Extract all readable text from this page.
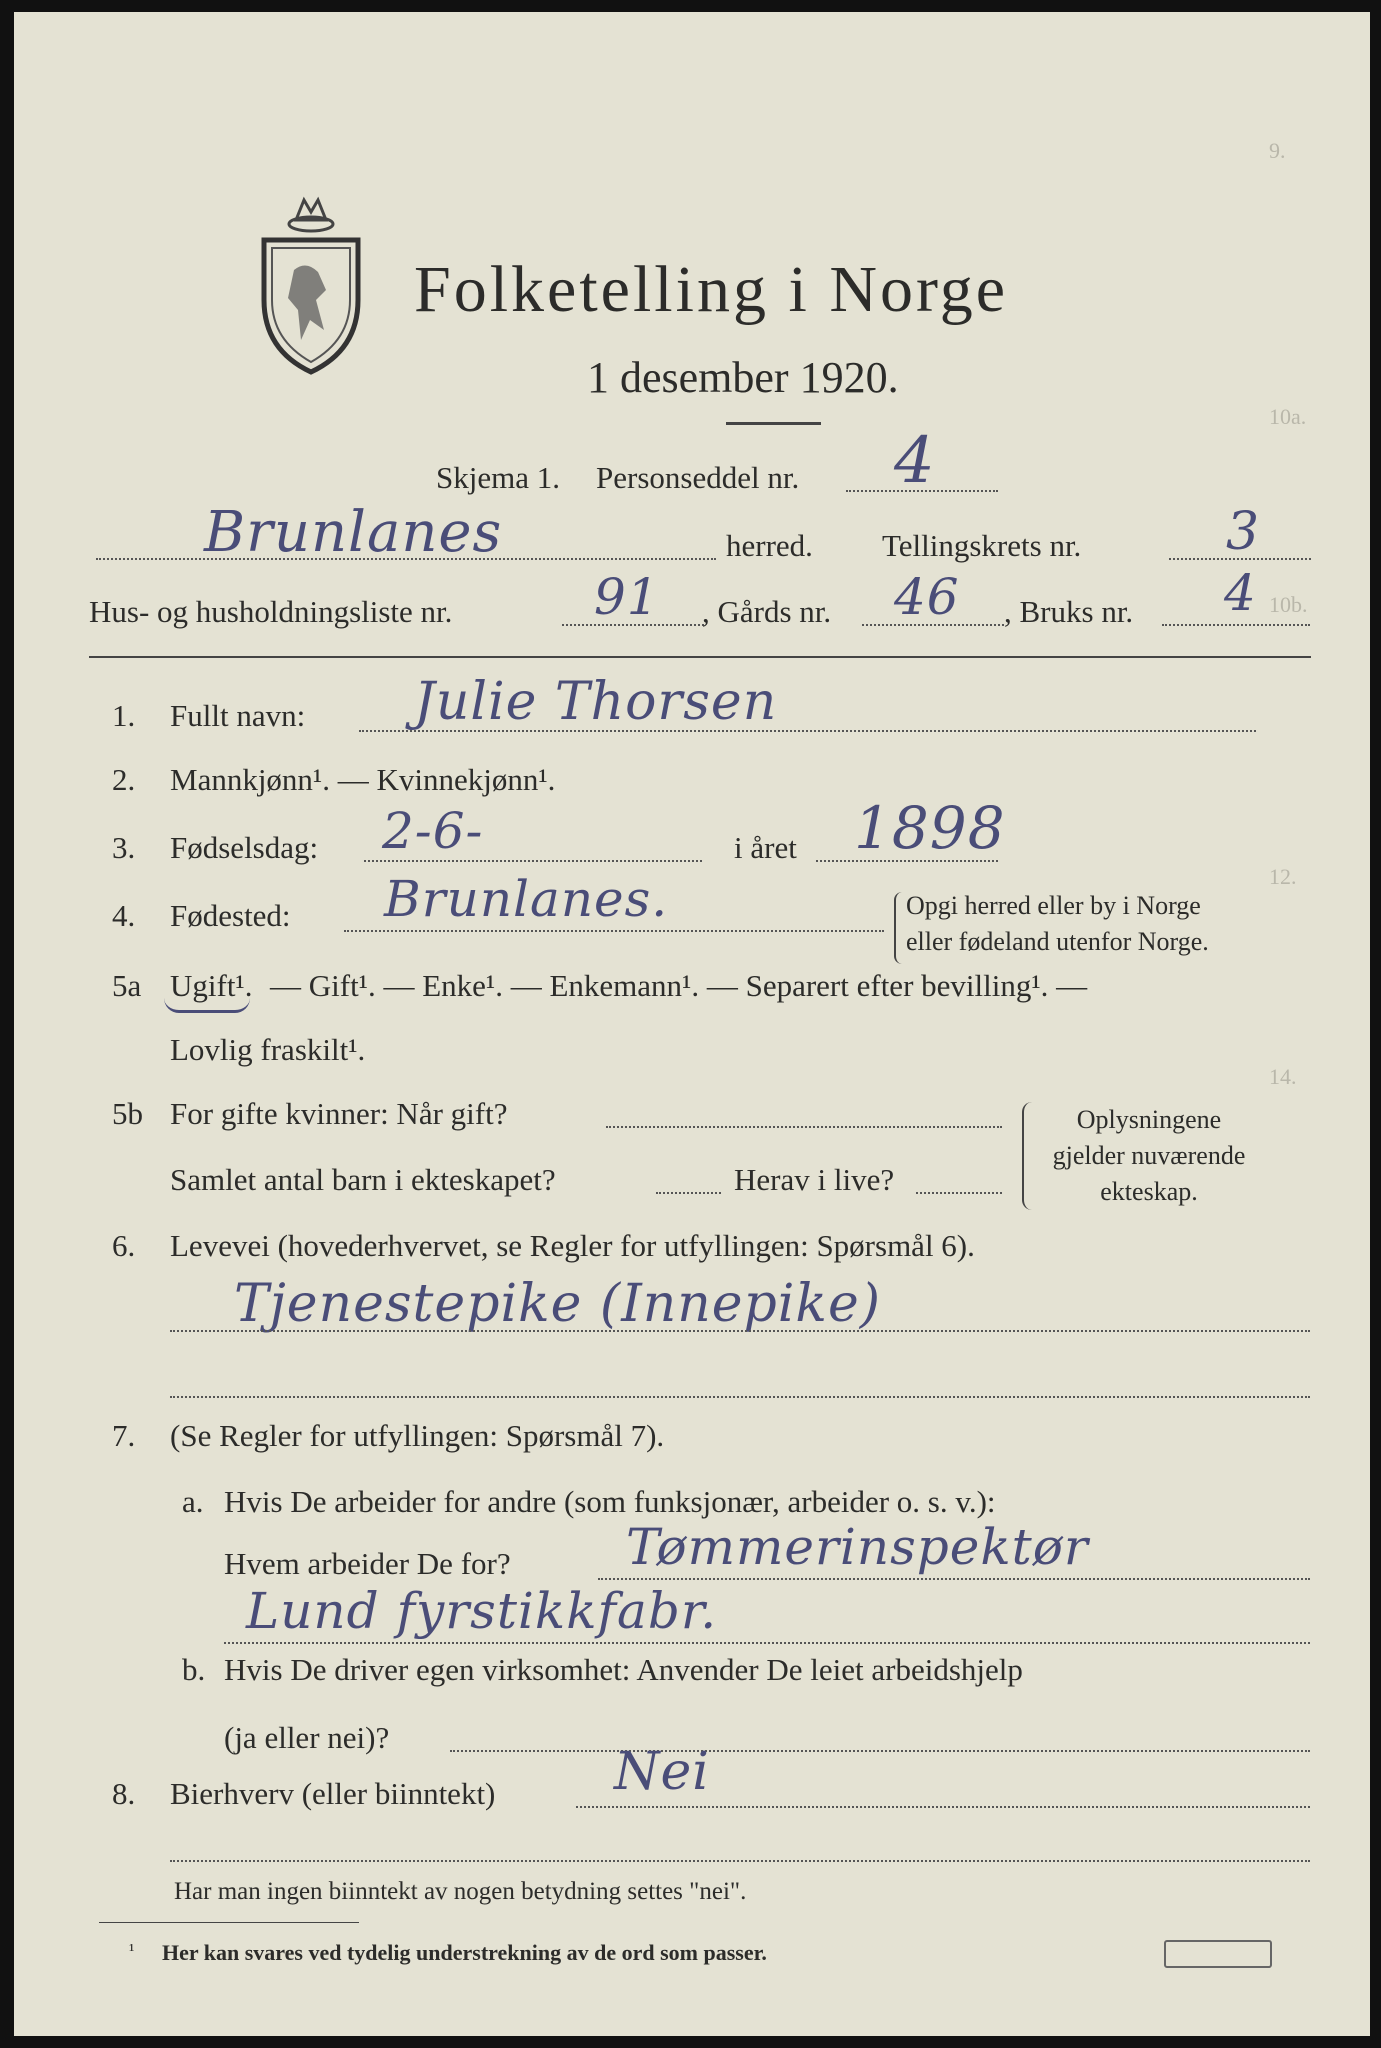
Folketelling i Norge
1 desember 1920.
9.
10a.
10b.
12.
14.
Skjema 1. Personseddel nr. 4
Brunlanes	herred. Tellingskrets nr.	3
Hus- og husholdningsliste nr.	91 , Gårds nr. 46 , Bruks nr. 4
1.	Fullt navn: Julie Thorsen
2.	Mannkjønn¹. — Kvinnekjønn¹.
3.	Fødselsdag: 2-6-	i året 1898
4.	Fødested: Brunlanes.	Opgi herred eller by i Norge
eller fødeland utenfor Norge.
5a Ugift¹. — Gift¹. — Enke¹. — Enkemann¹. — Separert efter bevilling¹. —
Lovlig fraskilt¹.
5b For gifte kvinner: Når gift?
Samlet antal barn i ekteskapet?	Herav i live?
Oplysningene
gjelder nuværende
ekteskap.
6.	Levevei (hovederhvervet, se Regler for utfyllingen: Spørsmål 6).
Tjenestepike (Innepike)
7.	(Se Regler for utfyllingen: Spørsmål 7).
a. Hvis De arbeider for andre (som funksjonær, arbeider o. s. v.):
Hvem arbeider De for? Tømmerinspektør
Lund fyrstikkfabr.
b. Hvis De driver egen virksomhet: Anvender De leiet arbeidshjelp
(ja eller nei)?
8.	Bierhverv (eller biinntekt) Nei
Har man ingen biinntekt av nogen betydning settes "nei".
¹ Her kan svares ved tydelig understrekning av de ord som passer.
